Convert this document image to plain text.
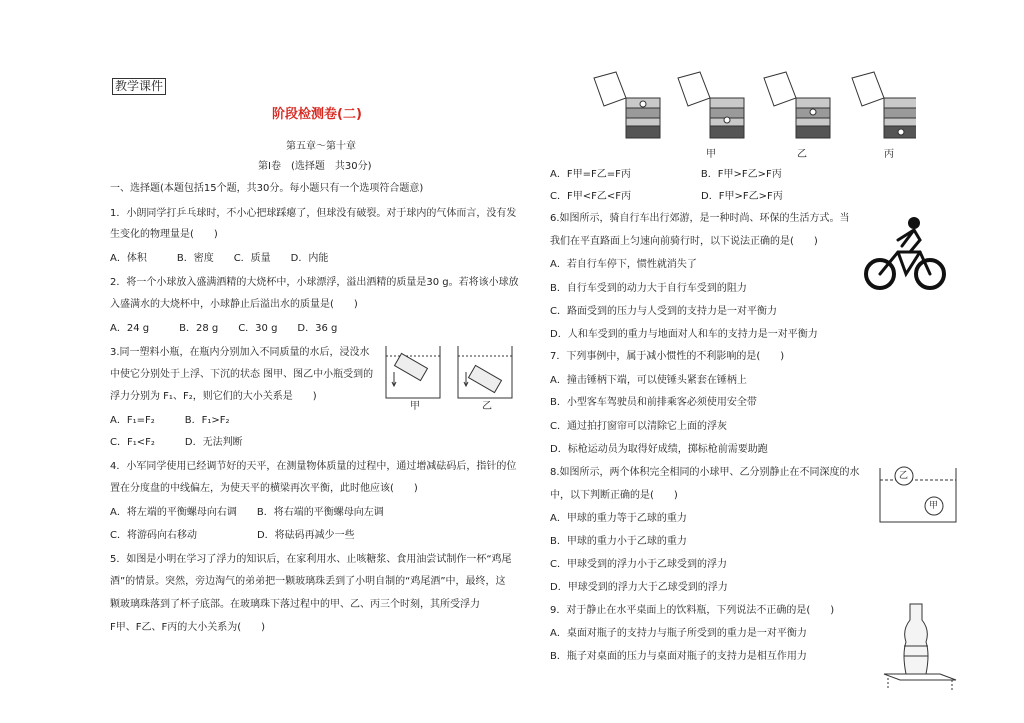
教学课件
阶段检测卷(二)
第五章～第十章
第Ⅰ卷　(选择题　共30分)
一、选择题(本题包括15个题，共30分。每小题只有一个选项符合题意)
1．小朗同学打乒乓球时，不小心把球踩瘪了，但球没有破裂。对于球内的气体而言，没有发
生变化的物理量是(　　)
A．体积　　　B．密度　　C．质量　　D．内能
2．将一个小球放入盛满酒精的大烧杯中，小球漂浮，溢出酒精的质量是30 g。若将该小球放
入盛满水的大烧杯中，小球静止后溢出水的质量是(　　)
A．24 g　　　B．28 g　　C．30 g　　D．36 g
3.同一塑料小瓶，在瓶内分别加入不同质量的水后，浸没水
中使它分别处于上浮、下沉的状态 图甲、图乙中小瓶受到的
浮力分别为 F₁、F₂，则它们的大小关系是　　)
A．F₁=F₂　　　B．F₁>F₂
C．F₁<F₂　　　D．无法判断
4．小军同学使用已经调节好的天平，在测量物体质量的过程中，通过增减砝码后，指针的位
置在分度盘的中线偏左，为使天平的横梁再次平衡，此时他应该(　　)
A．将左端的平衡螺母向右调　　B．将右端的平衡螺母向左调
C．将游码向右移动　　　　　　D．将砝码再减少一些
5．如图是小明在学习了浮力的知识后，在家利用水、止咳糖浆、食用油尝试制作一杯“鸡尾
酒”的情景。突然，旁边淘气的弟弟把一颗玻璃珠丢到了小明自制的“鸡尾酒”中，最终，这
颗玻璃珠落到了杯子底部。在玻璃珠下落过程中的甲、乙、丙三个时刻，其所受浮力
F甲、F乙、F丙的大小关系为(　　)
甲	乙
甲	乙	丙
A．F甲=F乙=F丙　　　　　　　B．F甲>F乙>F丙
C．F甲<F乙<F丙　　　　　　　D．F甲>F乙>F丙
6.如图所示，骑自行车出行郊游，是一种时尚、环保的生活方式。当
我们在平直路面上匀速向前骑行时，以下说法正确的是(　　)
A．若自行车停下，惯性就消失了
B．自行车受到的动力大于自行车受到的阻力
C．路面受到的压力与人受到的支持力是一对平衡力
D．人和车受到的重力与地面对人和车的支持力是一对平衡力
7．下列事例中，属于减小惯性的不利影响的是(　　)
A．撞击锤柄下端，可以使锤头紧套在锤柄上
B．小型客车驾驶员和前排乘客必须使用安全带
C．通过拍打窗帘可以清除它上面的浮灰
D．标枪运动员为取得好成绩，掷标枪前需要助跑
8.如图所示，两个体积完全相同的小球甲、乙分别静止在不同深度的水
中，以下判断正确的是(　　)
A．甲球的重力等于乙球的重力
B．甲球的重力小于乙球的重力
C．甲球受到的浮力小于乙球受到的浮力
D．甲球受到的浮力大于乙球受到的浮力
9．对于静止在水平桌面上的饮料瓶，下列说法不正确的是(　　)
A．桌面对瓶子的支持力与瓶子所受到的重力是一对平衡力
B．瓶子对桌面的压力与桌面对瓶子的支持力是相互作用力
乙
甲
